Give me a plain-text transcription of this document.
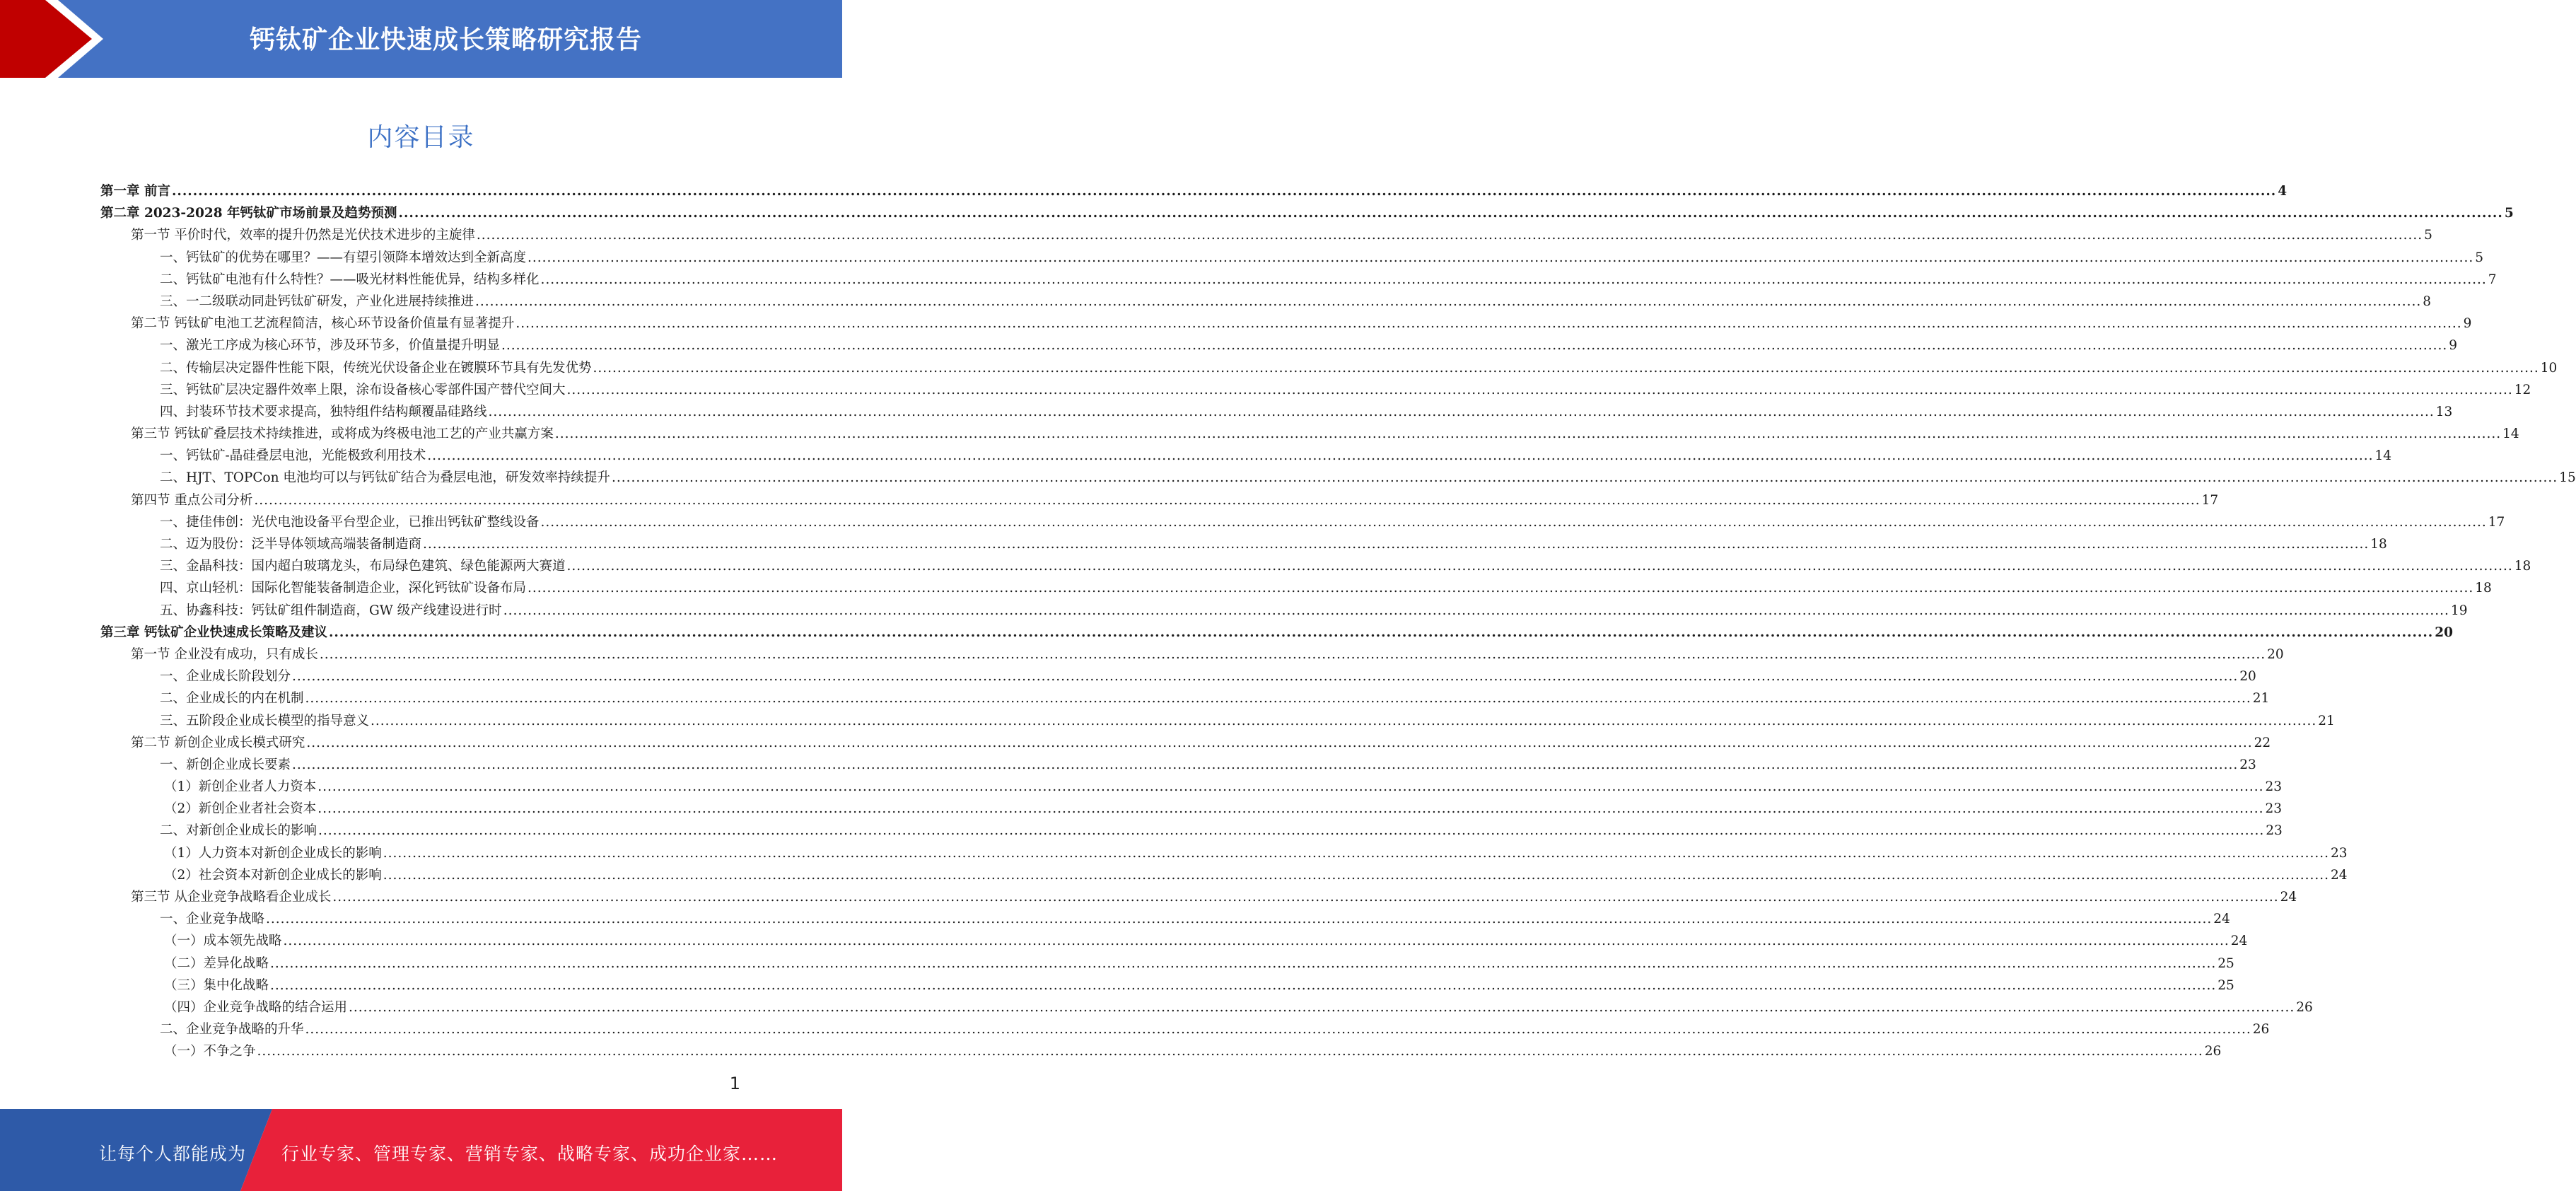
钙钛矿企业快速成长策略研究报告
内容目录
第一章 前言 ................................................................................................................................................................................................................................................................................................................................................................................................................ 4
第二章 2023-2028 年钙钛矿市场前景及趋势预测 ................................................................................................................................................................................................................................................................................................................................................................................................................ 5
第一节 平价时代，效率的提升仍然是光伏技术进步的主旋律 ................................................................................................................................................................................................................................................................................................................................................................................................................ 5
一、钙钛矿的优势在哪里？——有望引领降本增效达到全新高度 ................................................................................................................................................................................................................................................................................................................................................................................................................ 5
二、钙钛矿电池有什么特性？——吸光材料性能优异，结构多样化 ................................................................................................................................................................................................................................................................................................................................................................................................................ 7
三、一二级联动同赴钙钛矿研发，产业化进展持续推进 ................................................................................................................................................................................................................................................................................................................................................................................................................ 8
第二节 钙钛矿电池工艺流程简洁，核心环节设备价值量有显著提升 ................................................................................................................................................................................................................................................................................................................................................................................................................ 9
一、激光工序成为核心环节，涉及环节多，价值量提升明显 ................................................................................................................................................................................................................................................................................................................................................................................................................ 9
二、传输层决定器件性能下限，传统光伏设备企业在镀膜环节具有先发优势 ................................................................................................................................................................................................................................................................................................................................................................................................................ 10
三、钙钛矿层决定器件效率上限，涂布设备核心零部件国产替代空间大 ................................................................................................................................................................................................................................................................................................................................................................................................................ 12
四、封装环节技术要求提高，独特组件结构颠覆晶硅路线 ................................................................................................................................................................................................................................................................................................................................................................................................................ 13
第三节 钙钛矿叠层技术持续推进，或将成为终极电池工艺的产业共赢方案 ................................................................................................................................................................................................................................................................................................................................................................................................................ 14
一、钙钛矿-晶硅叠层电池，光能极致利用技术 ................................................................................................................................................................................................................................................................................................................................................................................................................ 14
二、HJT、TOPCon 电池均可以与钙钛矿结合为叠层电池，研发效率持续提升 ................................................................................................................................................................................................................................................................................................................................................................................................................ 15
第四节 重点公司分析 ................................................................................................................................................................................................................................................................................................................................................................................................................ 17
一、捷佳伟创：光伏电池设备平台型企业，已推出钙钛矿整线设备 ................................................................................................................................................................................................................................................................................................................................................................................................................ 17
二、迈为股份：泛半导体领域高端装备制造商 ................................................................................................................................................................................................................................................................................................................................................................................................................ 18
三、金晶科技：国内超白玻璃龙头，布局绿色建筑、绿色能源两大赛道 ................................................................................................................................................................................................................................................................................................................................................................................................................ 18
四、京山轻机：国际化智能装备制造企业，深化钙钛矿设备布局 ................................................................................................................................................................................................................................................................................................................................................................................................................ 18
五、协鑫科技：钙钛矿组件制造商，GW 级产线建设进行时 ................................................................................................................................................................................................................................................................................................................................................................................................................ 19
第三章 钙钛矿企业快速成长策略及建议 ................................................................................................................................................................................................................................................................................................................................................................................................................ 20
第一节 企业没有成功，只有成长 ................................................................................................................................................................................................................................................................................................................................................................................................................ 20
一、企业成长阶段划分 ................................................................................................................................................................................................................................................................................................................................................................................................................ 20
二、企业成长的内在机制 ................................................................................................................................................................................................................................................................................................................................................................................................................ 21
三、五阶段企业成长模型的指导意义 ................................................................................................................................................................................................................................................................................................................................................................................................................ 21
第二节 新创企业成长模式研究 ................................................................................................................................................................................................................................................................................................................................................................................................................ 22
一、新创企业成长要素 ................................................................................................................................................................................................................................................................................................................................................................................................................ 23
（1）新创企业者人力资本 ................................................................................................................................................................................................................................................................................................................................................................................................................ 23
（2）新创企业者社会资本 ................................................................................................................................................................................................................................................................................................................................................................................................................ 23
二、对新创企业成长的影响 ................................................................................................................................................................................................................................................................................................................................................................................................................ 23
（1）人力资本对新创企业成长的影响 ................................................................................................................................................................................................................................................................................................................................................................................................................ 23
（2）社会资本对新创企业成长的影响 ................................................................................................................................................................................................................................................................................................................................................................................................................ 24
第三节 从企业竞争战略看企业成长 ................................................................................................................................................................................................................................................................................................................................................................................................................ 24
一、企业竞争战略 ................................................................................................................................................................................................................................................................................................................................................................................................................ 24
（一）成本领先战略 ................................................................................................................................................................................................................................................................................................................................................................................................................ 24
（二）差异化战略 ................................................................................................................................................................................................................................................................................................................................................................................................................ 25
（三）集中化战略 ................................................................................................................................................................................................................................................................................................................................................................................................................ 25
（四）企业竞争战略的结合运用 ................................................................................................................................................................................................................................................................................................................................................................................................................ 26
二、企业竞争战略的升华 ................................................................................................................................................................................................................................................................................................................................................................................................................ 26
（一）不争之争 ................................................................................................................................................................................................................................................................................................................................................................................................................ 26
1
让每个人都能成为 行业专家、管理专家、营销专家、战略专家、成功企业家……
